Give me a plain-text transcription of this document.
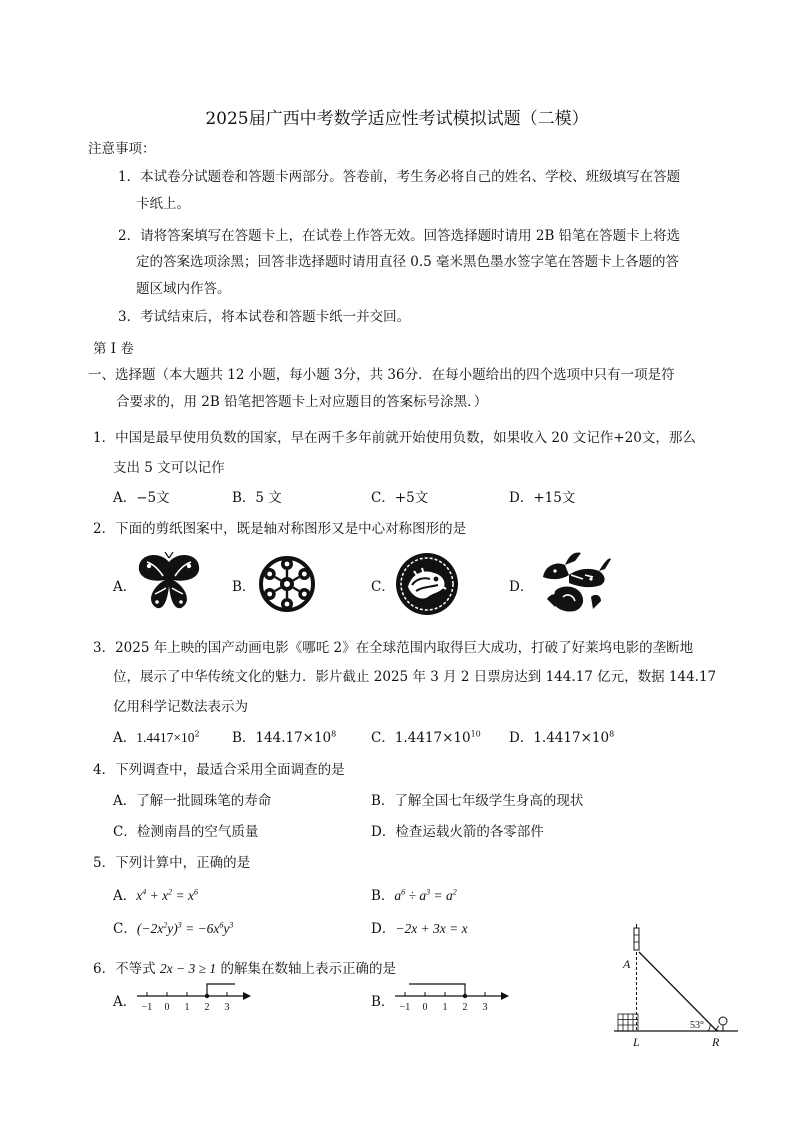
2025届广西中考数学适应性考试模拟试题（二模）
注意事项：
1．本试卷分试题卷和答题卡两部分。答卷前，考生务必将自己的姓名、学校、班级填写在答题
卡纸上。
2．请将答案填写在答题卡上，在试卷上作答无效。回答选择题时请用 2B 铅笔在答题卡上将选
定的答案选项涂黑；回答非选择题时请用直径 0.5 毫米黑色墨水签字笔在答题卡上各题的答
题区域内作答。
3．考试结束后，将本试卷和答题卡纸一并交回。
第 I 卷
一、选择题（本大题共 12 小题，每小题 3分，共 36分．在每小题给出的四个选项中只有一项是符
合要求的，用 2B 铅笔把答题卡上对应题目的答案标号涂黑．）
1．中国是最早使用负数的国家，早在两千多年前就开始使用负数，如果收入 20 文记作+20文，那么
支出 5 文可以记作
A．−5文	B．5 文	C．+5文	D．+15文
2．下面的剪纸图案中，既是轴对称图形又是中心对称图形的是
A．	B．	C．	D．
3．2025 年上映的国产动画电影《哪吒 2》在全球范围内取得巨大成功，打破了好莱坞电影的垄断地
位，展示了中华传统文化的魅力．影片截止 2025 年 3 月 2 日票房达到 144.17 亿元，数据 144.17
亿用科学记数法表示为
A．$1.4417\times 10^2$ B．$144.17\times 10^8$	C．$1.4417\times 10^{10}$ D．$1.4417\times 10^8$
4．下列调查中，最适合采用全面调查的是
A．了解一批圆珠笔的寿命	B．了解全国七年级学生身高的现状
C．检测南昌的空气质量	D．检查运载火箭的各零部件
5．下列计算中，正确的是
A．$x^4 + x^2 = x^6$	B．$a^6 \div a^3 = a^2$
C．$(-2x^2y)^3 = -6x^6y^3$	D．−2x + 3x = x
6．不等式 2x − 3 ≥ 1 的解集在数轴上表示正确的是
A．	B．
−1 0 1 2 3	−1 0 1 2 3
53°
A
L	R
